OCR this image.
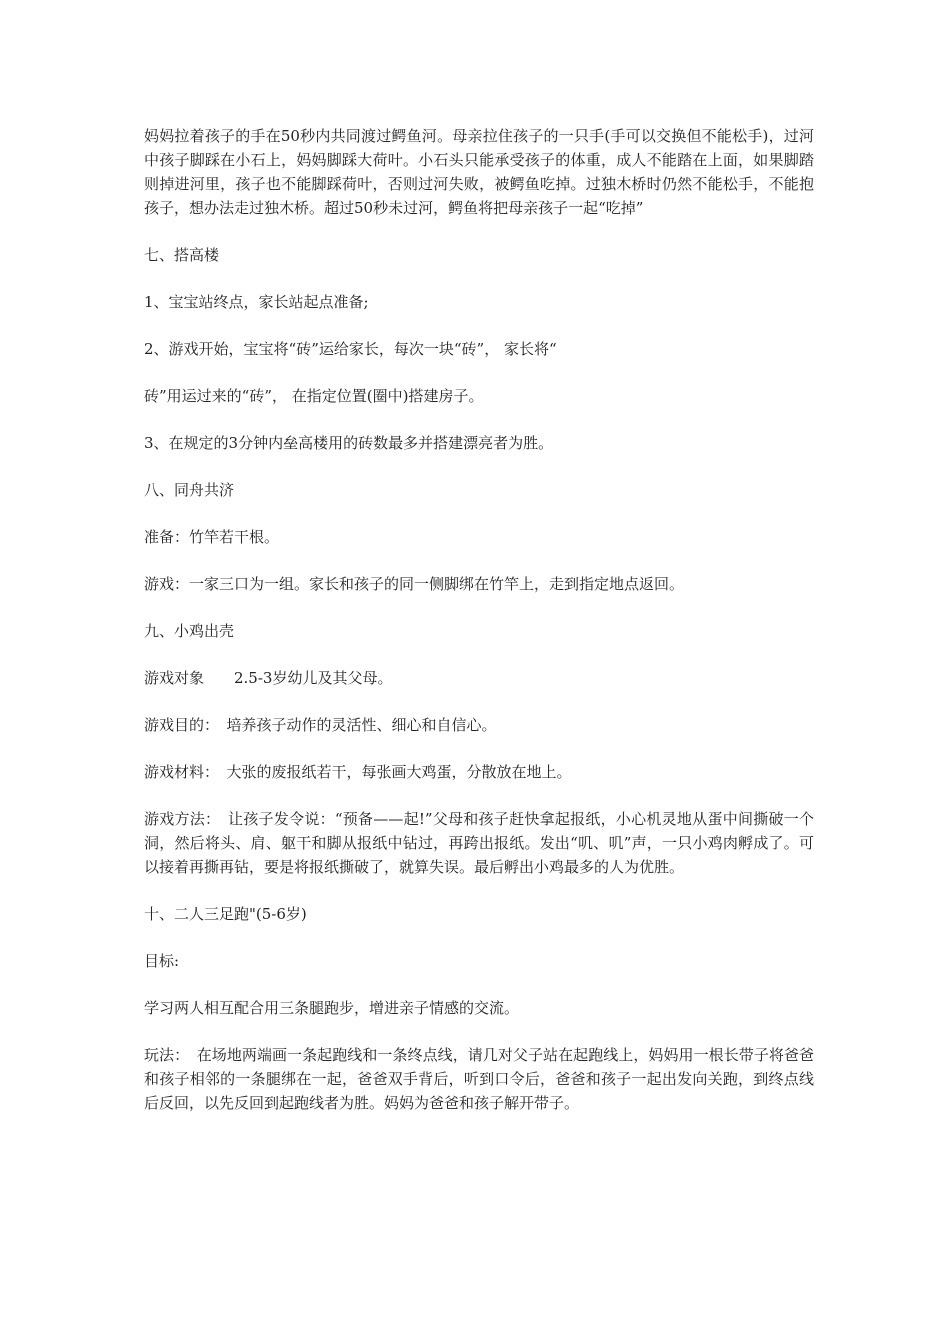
妈妈拉着孩子的手在50秒内共同渡过鳄鱼河。母亲拉住孩子的一只手(手可以交换但不能松手)，过河中孩子脚踩在小石上，妈妈脚踩大荷叶。小石头只能承受孩子的体重，成人不能踏在上面，如果脚踏则掉进河里，孩子也不能脚踩荷叶，否则过河失败，被鳄鱼吃掉。过独木桥时仍然不能松手，不能抱孩子，想办法走过独木桥。超过50秒未过河，鳄鱼将把母亲孩子一起“吃掉”

七、搭高楼

1、宝宝站终点，家长站起点准备;

2、游戏开始，宝宝将“砖”运给家长，每次一块“砖”， 家长将“

砖”用运过来的“砖”， 在指定位置(圈中)搭建房子。

3、在规定的3分钟内垒高楼用的砖数最多并搭建漂亮者为胜。

八、同舟共济

准备：竹竿若干根。

游戏：一家三口为一组。家长和孩子的同一侧脚绑在竹竿上，走到指定地点返回。

九、小鸡出壳

游戏对象　　2.5-3岁幼儿及其父母。

游戏目的：　培养孩子动作的灵活性、细心和自信心。

游戏材料：　大张的废报纸若干，每张画大鸡蛋，分散放在地上。

游戏方法：　让孩子发令说：“预备——起!”父母和孩子赶快拿起报纸，小心机灵地从蛋中间撕破一个洞，然后将头、肩、躯干和脚从报纸中钻过，再跨出报纸。发出“叽、叽”声，一只小鸡肉孵成了。可以接着再撕再钻，要是将报纸撕破了，就算失误。最后孵出小鸡最多的人为优胜。

十、二人三足跑"(5-6岁)

目标:

学习两人相互配合用三条腿跑步，增进亲子情感的交流。

玩法：　在场地两端画一条起跑线和一条终点线，请几对父子站在起跑线上，妈妈用一根长带子将爸爸和孩子相邻的一条腿绑在一起，爸爸双手背后，听到口令后，爸爸和孩子一起出发向关跑，到终点线后反回，以先反回到起跑线者为胜。妈妈为爸爸和孩子解开带子。
